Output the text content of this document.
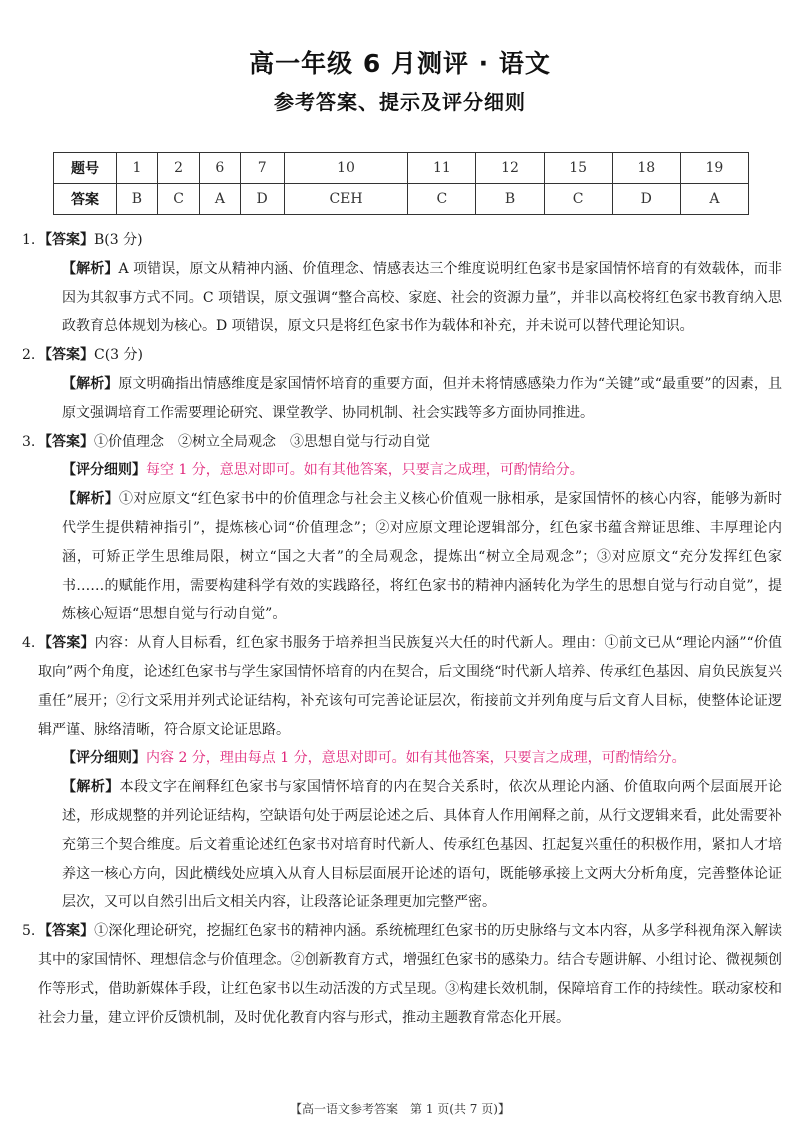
高一年级 6 月测评 · 语文
参考答案、提示及评分细则
题号	1	2	6	7	10	11	12	15	18	19
答案	B	C	A	D	CEH	C	B	C	D	A

1. 【答案】B(3 分)

【解析】A 项错误，原文从精神内涵、价值理念、情感表达三个维度说明红色家书是家国情怀培育的有效载体，而非因为其叙事方式不同。C 项错误，原文强调“整合高校、家庭、社会的资源力量”，并非以高校将红色家书教育纳入思政教育总体规划为核心。D 项错误，原文只是将红色家书作为载体和补充，并未说可以替代理论知识。

2. 【答案】C(3 分)

【解析】原文明确指出情感维度是家国情怀培育的重要方面，但并未将情感感染力作为“关键”或“最重要”的因素，且原文强调培育工作需要理论研究、课堂教学、协同机制、社会实践等多方面协同推进。

3. 【答案】①价值理念　②树立全局观念　③思想自觉与行动自觉

【评分细则】每空 1 分，意思对即可。如有其他答案，只要言之成理，可酌情给分。

【解析】①对应原文“红色家书中的价值理念与社会主义核心价值观一脉相承，是家国情怀的核心内容，能够为新时代学生提供精神指引”，提炼核心词“价值理念”；②对应原文理论逻辑部分，红色家书蕴含辩证思维、丰厚理论内涵，可矫正学生思维局限，树立“国之大者”的全局观念，提炼出“树立全局观念”；③对应原文“充分发挥红色家书……的赋能作用，需要构建科学有效的实践路径，将红色家书的精神内涵转化为学生的思想自觉与行动自觉”，提炼核心短语“思想自觉与行动自觉”。

4. 【答案】内容：从育人目标看，红色家书服务于培养担当民族复兴大任的时代新人。理由：①前文已从“理论内涵”“价值取向”两个角度，论述红色家书与学生家国情怀培育的内在契合，后文围绕“时代新人培养、传承红色基因、肩负民族复兴重任”展开；②行文采用并列式论证结构，补充该句可完善论证层次，衔接前文并列角度与后文育人目标，使整体论证逻辑严谨、脉络清晰，符合原文论证思路。

【评分细则】内容 2 分，理由每点 1 分，意思对即可。如有其他答案，只要言之成理，可酌情给分。

【解析】本段文字在阐释红色家书与家国情怀培育的内在契合关系时，依次从理论内涵、价值取向两个层面展开论述，形成规整的并列论证结构，空缺语句处于两层论述之后、具体育人作用阐释之前，从行文逻辑来看，此处需要补充第三个契合维度。后文着重论述红色家书对培育时代新人、传承红色基因、扛起复兴重任的积极作用，紧扣人才培养这一核心方向，因此横线处应填入从育人目标层面展开论述的语句，既能够承接上文两大分析角度，完善整体论证层次，又可以自然引出后文相关内容，让段落论证条理更加完整严密。

5. 【答案】①深化理论研究，挖掘红色家书的精神内涵。系统梳理红色家书的历史脉络与文本内容，从多学科视角深入解读其中的家国情怀、理想信念与价值理念。②创新教育方式，增强红色家书的感染力。结合专题讲解、小组讨论、微视频创作等形式，借助新媒体手段，让红色家书以生动活泼的方式呈现。③构建长效机制，保障培育工作的持续性。联动家校和社会力量，建立评价反馈机制，及时优化教育内容与形式，推动主题教育常态化开展。

【高一语文参考答案　第 1 页(共 7 页)】
